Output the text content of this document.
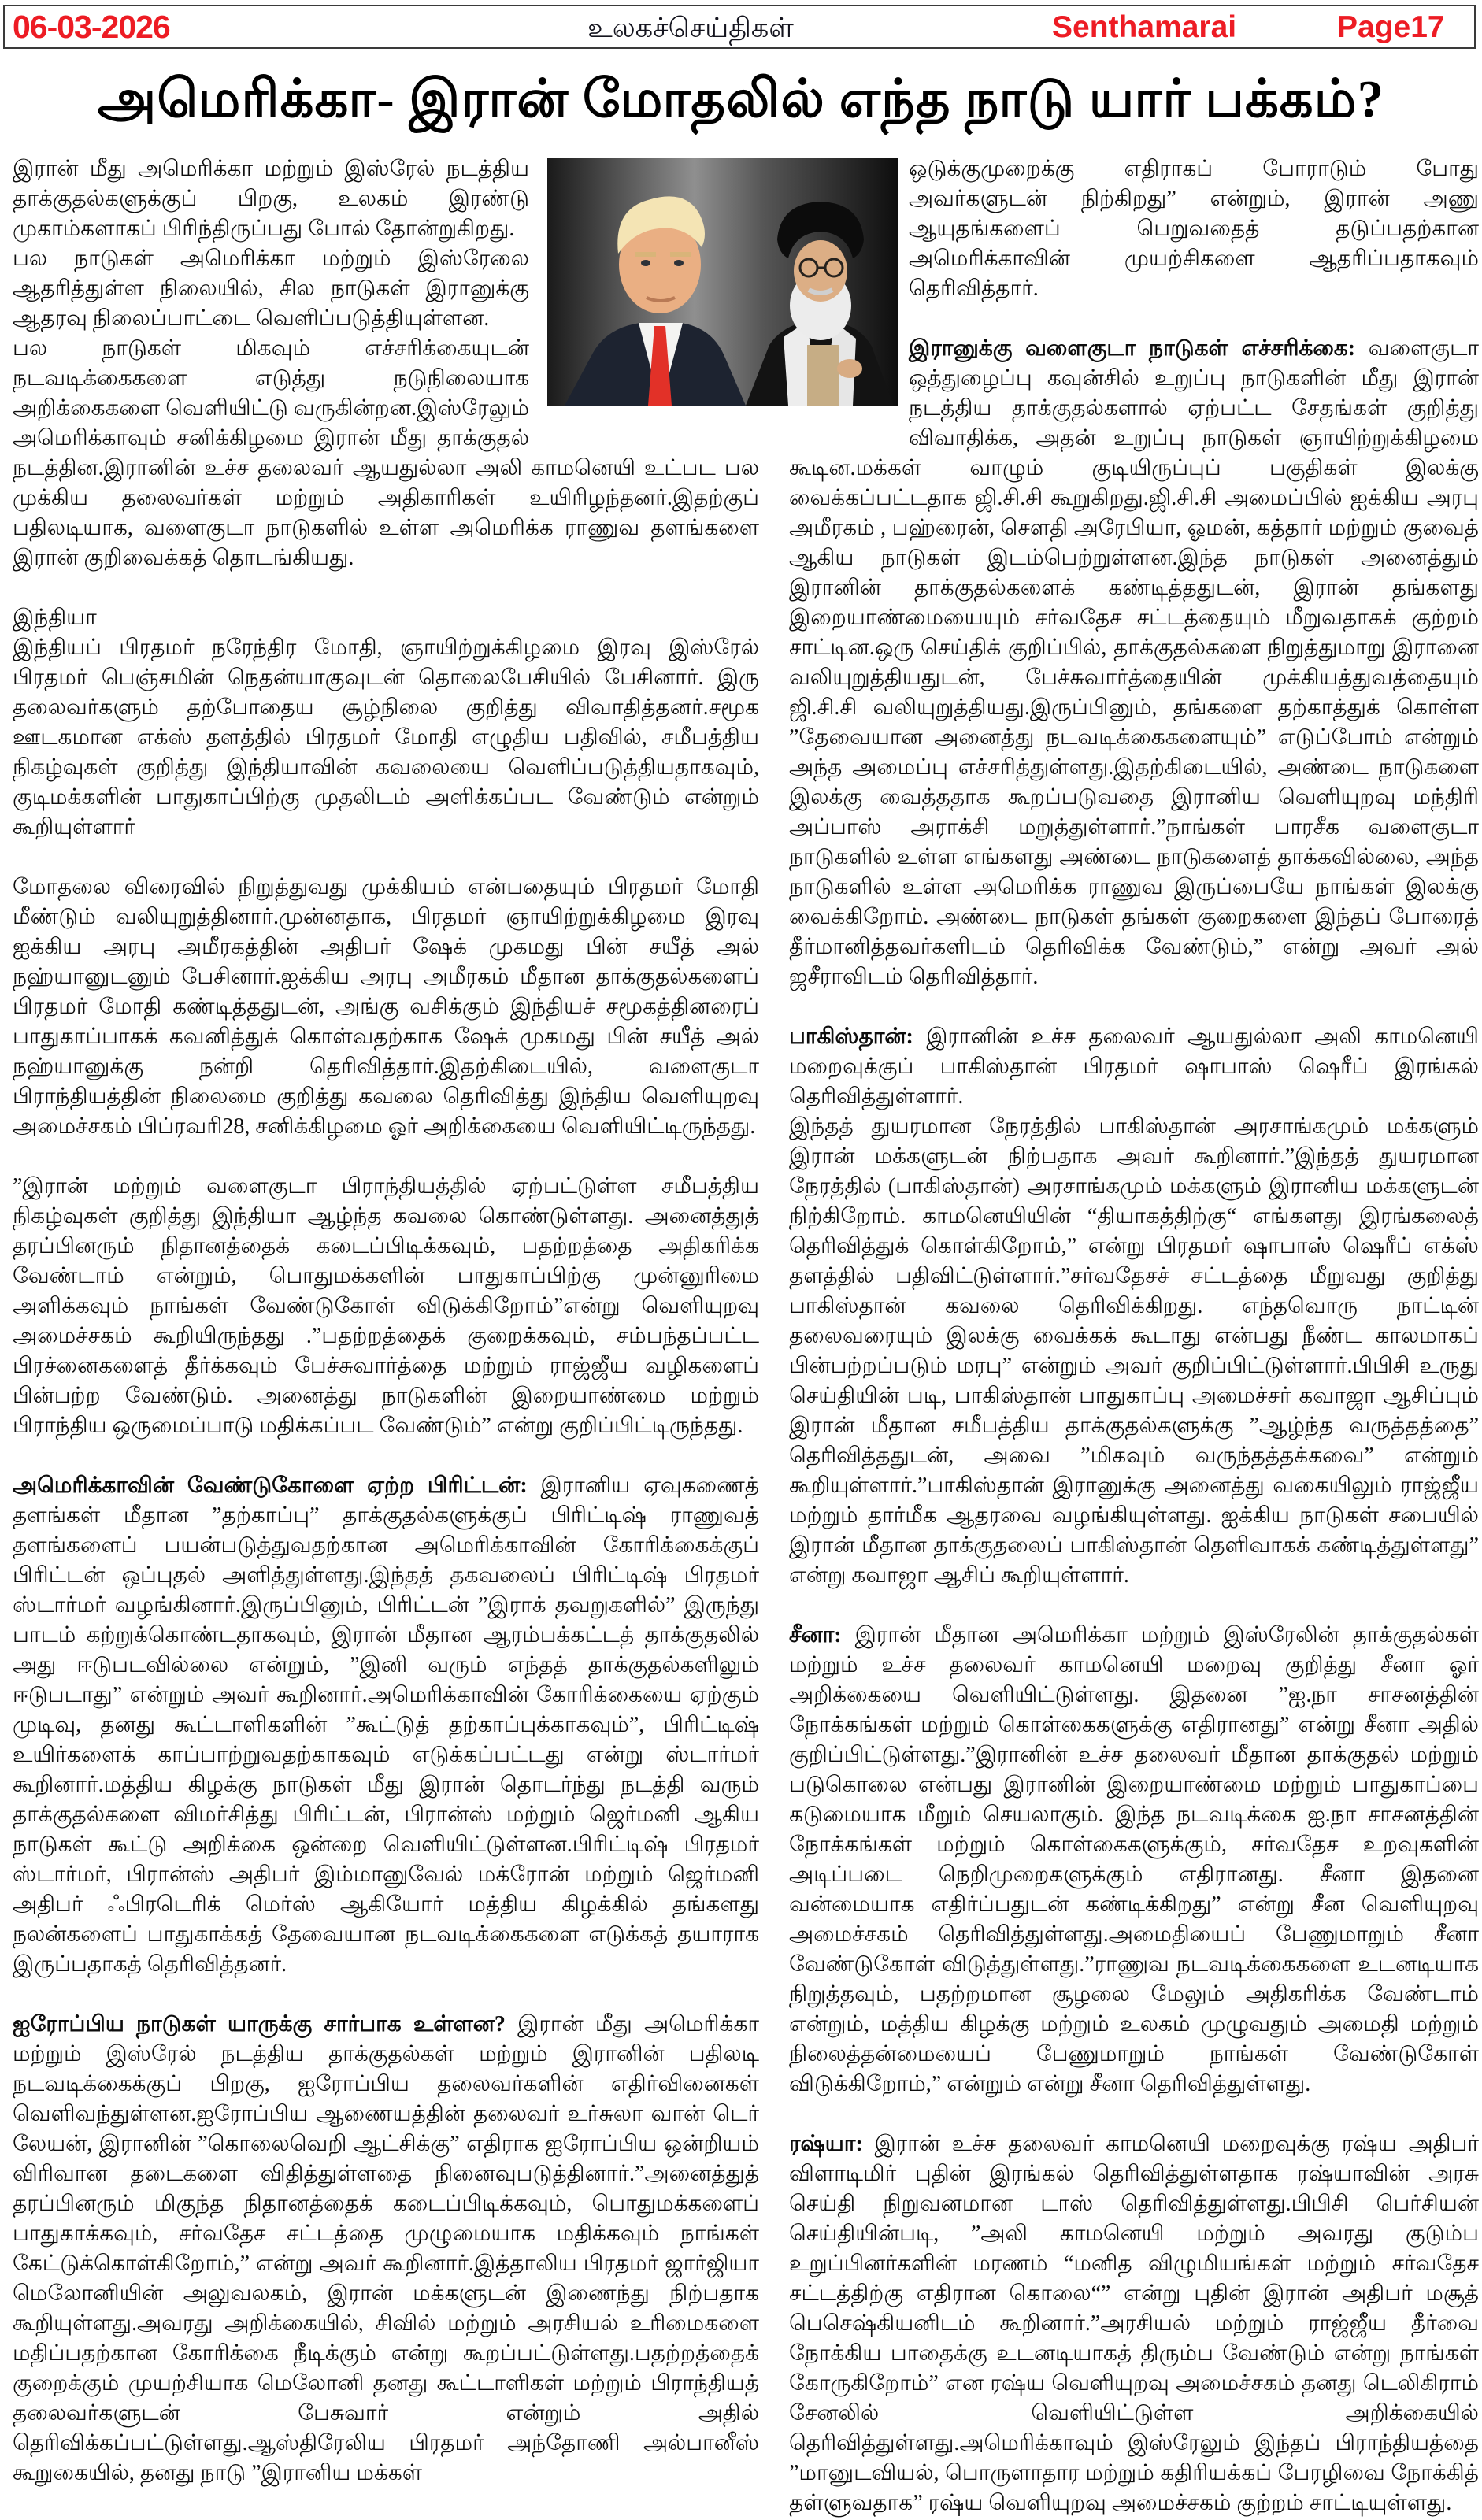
06-03-2026	உலகச்செய்திகள்	Senthamarai	Page17
அமெரிக்கா- இரான் மோதலில் எந்த நாடு யார் பக்கம்?

இரான் மீது அமெரிக்கா மற்றும் இஸ்ரேல் நடத்திய தாக்குதல்களுக்குப் பிறகு, உலகம் இரண்டு முகாம்களாகப் பிரிந்திருப்பது போல் தோன்றுகிறது.

பல நாடுகள் அமெரிக்கா மற்றும் இஸ்ரேலை ஆதரித்துள்ள நிலையில், சில நாடுகள் இரானுக்கு ஆதரவு நிலைப்பாட்டை வெளிப்படுத்தியுள்ளன.

பல நாடுகள் மிகவும் எச்சரிக்கையுடன் நடவடிக்கைகளை எடுத்து நடுநிலையாக அறிக்கைகளை வெளியிட்டு வருகின்றன.இஸ்ரேலும் அமெரிக்காவும் சனிக்கிழமை இரான் மீது தாக்குதல் நடத்தின.இரானின் உச்ச தலைவர் ஆயதுல்லா அலி காமனெயி உட்பட பல முக்கிய தலைவர்கள் மற்றும் அதிகாரிகள் உயிரிழந்தனர்.இதற்குப் பதிலடியாக, வளைகுடா நாடுகளில் உள்ள அமெரிக்க ராணுவ தளங்களை இரான் குறிவைக்கத் தொடங்கியது.

இந்தியா

இந்தியப் பிரதமர் நரேந்திர மோதி, ஞாயிற்றுக்கிழமை இரவு இஸ்ரேல் பிரதமர் பெஞ்சமின் நெதன்யாகுவுடன் தொலைபேசியில் பேசினார். இரு தலைவர்களும் தற்போதைய சூழ்நிலை குறித்து விவாதித்தனர்.சமூக ஊடகமான எக்ஸ் தளத்தில் பிரதமர் மோதி எழுதிய பதிவில், சமீபத்திய நிகழ்வுகள் குறித்து இந்தியாவின் கவலையை வெளிப்படுத்தியதாகவும், குடிமக்களின் பாதுகாப்பிற்கு முதலிடம் அளிக்கப்பட வேண்டும் என்றும் கூறியுள்ளார்

மோதலை விரைவில் நிறுத்துவது முக்கியம் என்பதையும் பிரதமர் மோதி மீண்டும் வலியுறுத்தினார்.முன்னதாக, பிரதமர் ஞாயிற்றுக்கிழமை இரவு ஐக்கிய அரபு அமீரகத்தின் அதிபர் ஷேக் முகமது பின் சயீத் அல் நஹ்யானுடனும் பேசினார்.ஐக்கிய அரபு அமீரகம் மீதான தாக்குதல்களைப் பிரதமர் மோதி கண்டித்ததுடன், அங்கு வசிக்கும் இந்தியச் சமூகத்தினரைப் பாதுகாப்பாகக் கவனித்துக் கொள்வதற்காக ஷேக் முகமது பின் சயீத் அல் நஹ்யானுக்கு நன்றி தெரிவித்தார்.இதற்கிடையில், வளைகுடா பிராந்தியத்தின் நிலைமை குறித்து கவலை தெரிவித்து இந்திய வெளியுறவு அமைச்சகம் பிப்ரவரி28, சனிக்கிழமை ஓர் அறிக்கையை வெளியிட்டிருந்தது.

”இரான் மற்றும் வளைகுடா பிராந்தியத்தில் ஏற்பட்டுள்ள சமீபத்திய நிகழ்வுகள் குறித்து இந்தியா ஆழ்ந்த கவலை கொண்டுள்ளது. அனைத்துத் தரப்பினரும் நிதானத்தைக் கடைப்பிடிக்கவும், பதற்றத்தை அதிகரிக்க வேண்டாம் என்றும், பொதுமக்களின் பாதுகாப்பிற்கு முன்னுரிமை அளிக்கவும் நாங்கள் வேண்டுகோள் விடுக்கிறோம்”என்று வெளியுறவு அமைச்சகம் கூறியிருந்தது .”பதற்றத்தைக் குறைக்கவும், சம்பந்தப்பட்ட பிரச்னைகளைத் தீர்க்கவும் பேச்சுவார்த்தை மற்றும் ராஜ்ஜீய வழிகளைப் பின்பற்ற வேண்டும். அனைத்து நாடுகளின் இறையாண்மை மற்றும் பிராந்திய ஒருமைப்பாடு மதிக்கப்பட வேண்டும்” என்று குறிப்பிட்டிருந்தது.

அமெரிக்காவின் வேண்டுகோளை ஏற்ற பிரிட்டன்: இரானிய ஏவுகணைத் தளங்கள் மீதான ”தற்காப்பு” தாக்குதல்களுக்குப் பிரிட்டிஷ் ராணுவத் தளங்களைப் பயன்படுத்துவதற்கான அமெரிக்காவின் கோரிக்கைக்குப் பிரிட்டன் ஒப்புதல் அளித்துள்ளது.இந்தத் தகவலைப் பிரிட்டிஷ் பிரதமர் ஸ்டார்மர் வழங்கினார்.இருப்பினும், பிரிட்டன் ”இராக் தவறுகளில்” இருந்து பாடம் கற்றுக்கொண்டதாகவும், இரான் மீதான ஆரம்பக்கட்டத் தாக்குதலில் அது ஈடுபடவில்லை என்றும், ”இனி வரும் எந்தத் தாக்குதல்களிலும் ஈடுபடாது” என்றும் அவர் கூறினார்.அமெரிக்காவின் கோரிக்கையை ஏற்கும் முடிவு, தனது கூட்டாளிகளின் ”கூட்டுத் தற்காப்புக்காகவும்”, பிரிட்டிஷ் உயிர்களைக் காப்பாற்றுவதற்காகவும் எடுக்கப்பட்டது என்று ஸ்டார்மர் கூறினார்.மத்திய கிழக்கு நாடுகள் மீது இரான் தொடர்ந்து நடத்தி வரும் தாக்குதல்களை விமர்சித்து பிரிட்டன், பிரான்ஸ் மற்றும் ஜெர்மனி ஆகிய நாடுகள் கூட்டு அறிக்கை ஒன்றை வெளியிட்டுள்ளன.பிரிட்டிஷ் பிரதமர் ஸ்டார்மர், பிரான்ஸ் அதிபர் இம்மானுவேல் மக்ரோன் மற்றும் ஜெர்மனி அதிபர் ஃபிரடெரிக் மெர்ஸ் ஆகியோர் மத்திய கிழக்கில் தங்களது நலன்களைப் பாதுகாக்கத் தேவையான நடவடிக்கைகளை எடுக்கத் தயாராக இருப்பதாகத் தெரிவித்தனர்.

ஐரோப்பிய நாடுகள் யாருக்கு சார்பாக உள்ளன? இரான் மீது அமெரிக்கா மற்றும் இஸ்ரேல் நடத்திய தாக்குதல்கள் மற்றும் இரானின் பதிலடி நடவடிக்கைக்குப் பிறகு, ஐரோப்பிய தலைவர்களின் எதிர்வினைகள் வெளிவந்துள்ளன.ஐரோப்பிய ஆணையத்தின் தலைவர் உர்சுலா வான் டெர் லேயன், இரானின் ”கொலைவெறி ஆட்சிக்கு” எதிராக ஐரோப்பிய ஒன்றியம் விரிவான தடைகளை விதித்துள்ளதை நினைவுபடுத்தினார்.”அனைத்துத் தரப்பினரும் மிகுந்த நிதானத்தைக் கடைப்பிடிக்கவும், பொதுமக்களைப் பாதுகாக்கவும், சர்வதேச சட்டத்தை முழுமையாக மதிக்கவும் நாங்கள் கேட்டுக்கொள்கிறோம்,” என்று அவர் கூறினார்.இத்தாலிய பிரதமர் ஜார்ஜியா மெலோனியின் அலுவலகம், இரான் மக்களுடன் இணைந்து நிற்பதாக கூறியுள்ளது.அவரது அறிக்கையில், சிவில் மற்றும் அரசியல் உரிமைகளை மதிப்பதற்கான கோரிக்கை நீடிக்கும் என்று கூறப்பட்டுள்ளது.பதற்றத்தைக் குறைக்கும் முயற்சியாக மெலோனி தனது கூட்டாளிகள் மற்றும் பிராந்தியத் தலைவர்களுடன் பேசுவார் என்றும் அதில் தெரிவிக்கப்பட்டுள்ளது.ஆஸ்திரேலிய பிரதமர் அந்தோணி அல்பானீஸ் கூறுகையில், தனது நாடு ”இரானிய மக்கள்

ஒடுக்குமுறைக்கு எதிராகப் போராடும் போது அவர்களுடன் நிற்கிறது” என்றும், இரான் அணு ஆயுதங்களைப் பெறுவதைத் தடுப்பதற்கான அமெரிக்காவின் முயற்சிகளை ஆதரிப்பதாகவும் தெரிவித்தார்.

இரானுக்கு வளைகுடா நாடுகள் எச்சரிக்கை: வளைகுடா ஒத்துழைப்பு கவுன்சில் உறுப்பு நாடுகளின் மீது இரான் நடத்திய தாக்குதல்களால் ஏற்பட்ட சேதங்கள் குறித்து விவாதிக்க, அதன் உறுப்பு நாடுகள் ஞாயிற்றுக்கிழமை கூடின.மக்கள் வாழும் குடியிருப்புப் பகுதிகள் இலக்கு வைக்கப்பட்டதாக ஜி.சி.சி கூறுகிறது.ஜி.சி.சி அமைப்பில் ஐக்கிய அரபு அமீரகம் , பஹ்ரைன், செளதி அரேபியா, ஓமன், கத்தார் மற்றும் குவைத் ஆகிய நாடுகள் இடம்பெற்றுள்ளன.இந்த நாடுகள் அனைத்தும் இரானின் தாக்குதல்களைக் கண்டித்ததுடன், இரான் தங்களது இறையாண்மையையும் சர்வதேச சட்டத்தையும் மீறுவதாகக் குற்றம் சாட்டின.ஒரு செய்திக் குறிப்பில், தாக்குதல்களை நிறுத்துமாறு இரானை வலியுறுத்தியதுடன், பேச்சுவார்த்தையின் முக்கியத்துவத்தையும் ஜி.சி.சி வலியுறுத்தியது.இருப்பினும், தங்களை தற்காத்துக் கொள்ள ”தேவையான அனைத்து நடவடிக்கைகளையும்” எடுப்போம் என்றும் அந்த அமைப்பு எச்சரித்துள்ளது.இதற்கிடையில், அண்டை நாடுகளை இலக்கு வைத்ததாக கூறப்படுவதை இரானிய வெளியுறவு மந்திரி அப்பாஸ் அராக்சி மறுத்துள்ளார்.”நாங்கள் பாரசீக வளைகுடா நாடுகளில் உள்ள எங்களது அண்டை நாடுகளைத் தாக்கவில்லை, அந்த நாடுகளில் உள்ள அமெரிக்க ராணுவ இருப்பையே நாங்கள் இலக்கு வைக்கிறோம். அண்டை நாடுகள் தங்கள் குறைகளை இந்தப் போரைத் தீர்மானித்தவர்களிடம் தெரிவிக்க வேண்டும்,” என்று அவர் அல் ஜசீராவிடம் தெரிவித்தார்.

பாகிஸ்தான்: இரானின் உச்ச தலைவர் ஆயதுல்லா அலி காமனெயி மறைவுக்குப் பாகிஸ்தான் பிரதமர் ஷாபாஸ் ஷெரீப் இரங்கல் தெரிவித்துள்ளார்.

இந்தத் துயரமான நேரத்தில் பாகிஸ்தான் அரசாங்கமும் மக்களும் இரான் மக்களுடன் நிற்பதாக அவர் கூறினார்.”இந்தத் துயரமான நேரத்தில் (பாகிஸ்தான்) அரசாங்கமும் மக்களும் இரானிய மக்களுடன் நிற்கிறோம். காமனெயியின் “தியாகத்திற்கு“ எங்களது இரங்கலைத் தெரிவித்துக் கொள்கிறோம்,” என்று பிரதமர் ஷாபாஸ் ஷெரீப் எக்ஸ் தளத்தில் பதிவிட்டுள்ளார்.”சர்வதேசச் சட்டத்தை மீறுவது குறித்து பாகிஸ்தான் கவலை தெரிவிக்கிறது. எந்தவொரு நாட்டின் தலைவரையும் இலக்கு வைக்கக் கூடாது என்பது நீண்ட காலமாகப் பின்பற்றப்படும் மரபு” என்றும் அவர் குறிப்பிட்டுள்ளார்.பிபிசி உருது செய்தியின் படி, பாகிஸ்தான் பாதுகாப்பு அமைச்சர் கவாஜா ஆசிப்பும் இரான் மீதான சமீபத்திய தாக்குதல்களுக்கு ”ஆழ்ந்த வருத்தத்தை” தெரிவித்ததுடன், அவை ”மிகவும் வருந்தத்தக்கவை” என்றும் கூறியுள்ளார்.”பாகிஸ்தான் இரானுக்கு அனைத்து வகையிலும் ராஜ்ஜீய மற்றும் தார்மீக ஆதரவை வழங்கியுள்ளது. ஐக்கிய நாடுகள் சபையில் இரான் மீதான தாக்குதலைப் பாகிஸ்தான் தெளிவாகக் கண்டித்துள்ளது” என்று கவாஜா ஆசிப் கூறியுள்ளார்.

சீனா: இரான் மீதான அமெரிக்கா மற்றும் இஸ்ரேலின் தாக்குதல்கள் மற்றும் உச்ச தலைவர் காமனெயி மறைவு குறித்து சீனா ஓர் அறிக்கையை வெளியிட்டுள்ளது. இதனை ”ஐ.நா சாசனத்தின் நோக்கங்கள் மற்றும் கொள்கைகளுக்கு எதிரானது” என்று சீனா அதில் குறிப்பிட்டுள்ளது.”இரானின் உச்ச தலைவர் மீதான தாக்குதல் மற்றும் படுகொலை என்பது இரானின் இறையாண்மை மற்றும் பாதுகாப்பை கடுமையாக மீறும் செயலாகும். இந்த நடவடிக்கை ஐ.நா சாசனத்தின் நோக்கங்கள் மற்றும் கொள்கைகளுக்கும், சர்வதேச உறவுகளின் அடிப்படை நெறிமுறைகளுக்கும் எதிரானது. சீனா இதனை வன்மையாக எதிர்ப்பதுடன் கண்டிக்கிறது” என்று சீன வெளியுறவு அமைச்சகம் தெரிவித்துள்ளது.அமைதியைப் பேணுமாறும் சீனா வேண்டுகோள் விடுத்துள்ளது.”ராணுவ நடவடிக்கைகளை உடனடியாக நிறுத்தவும், பதற்றமான சூழலை மேலும் அதிகரிக்க வேண்டாம் என்றும், மத்திய கிழக்கு மற்றும் உலகம் முழுவதும் அமைதி மற்றும் நிலைத்தன்மையைப் பேணுமாறும் நாங்கள் வேண்டுகோள் விடுக்கிறோம்,” என்றும் என்று சீனா தெரிவித்துள்ளது.

ரஷ்யா: இரான் உச்ச தலைவர் காமனெயி மறைவுக்கு ரஷ்ய அதிபர் விளாடிமிர் புதின் இரங்கல் தெரிவித்துள்ளதாக ரஷ்யாவின் அரசு செய்தி நிறுவனமான டாஸ் தெரிவித்துள்ளது.பிபிசி பெர்சியன் செய்தியின்படி, ”அலி காமனெயி மற்றும் அவரது குடும்ப உறுப்பினர்களின் மரணம் “மனித விழுமியங்கள் மற்றும் சர்வதேச சட்டத்திற்கு எதிரான கொலை“” என்று புதின் இரான் அதிபர் மசூத் பெசெஷ்கியனிடம் கூறினார்.”அரசியல் மற்றும் ராஜ்ஜீய தீர்வை நோக்கிய பாதைக்கு உடனடியாகத் திரும்ப வேண்டும் என்று நாங்கள் கோருகிறோம்” என ரஷ்ய வெளியுறவு அமைச்சகம் தனது டெலிகிராம் சேனலில் வெளியிட்டுள்ள அறிக்கையில் தெரிவித்துள்ளது.அமெரிக்காவும் இஸ்ரேலும் இந்தப் பிராந்தியத்தை ”மானுடவியல், பொருளாதார மற்றும் கதிரியக்கப் பேரழிவை நோக்கித் தள்ளுவதாக” ரஷ்ய வெளியுறவு அமைச்சகம் குற்றம் சாட்டியுள்ளது.
